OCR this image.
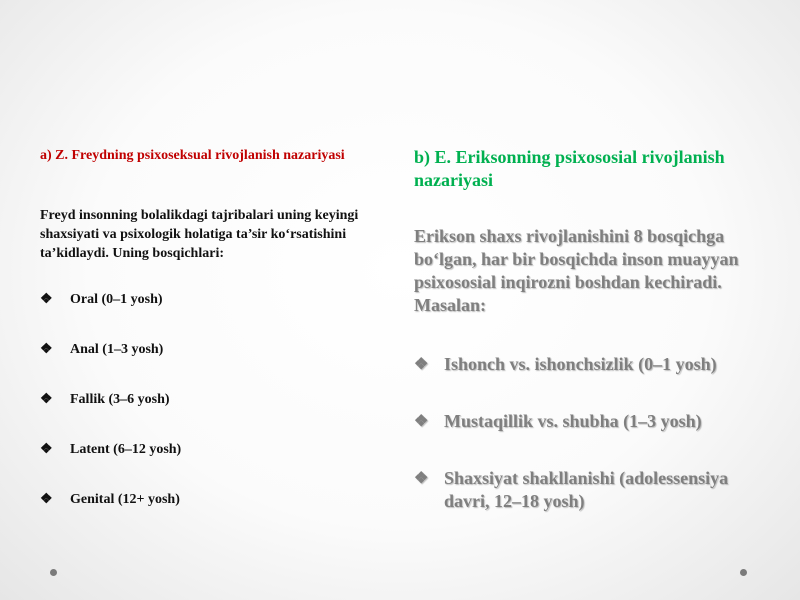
a) Z. Freydning psixoseksual rivojlanish nazariyasi

Freyd insonning bolalikdagi tajribalari uning keyingi shaxsiyati va psixologik holatiga ta’sir ko‘rsatishini ta’kidlaydi. Uning bosqichlari:

❖	Oral (0–1 yosh)
❖	Anal (1–3 yosh)
❖	Fallik (3–6 yosh)
❖	Latent (6–12 yosh)
❖	Genital (12+ yosh)

b) E. Eriksonning psixososial rivojlanish nazariyasi

Erikson shaxs rivojlanishini 8 bosqichga bo‘lgan, har bir bosqichda inson muayyan psixososial inqirozni boshdan kechiradi. Masalan:

❖ Ishonch vs. ishonchsizlik (0–1 yosh)
❖ Mustaqillik vs. shubha (1–3 yosh)
❖ Shaxsiyat shakllanishi (adolessensiya davri, 12–18 yosh)
